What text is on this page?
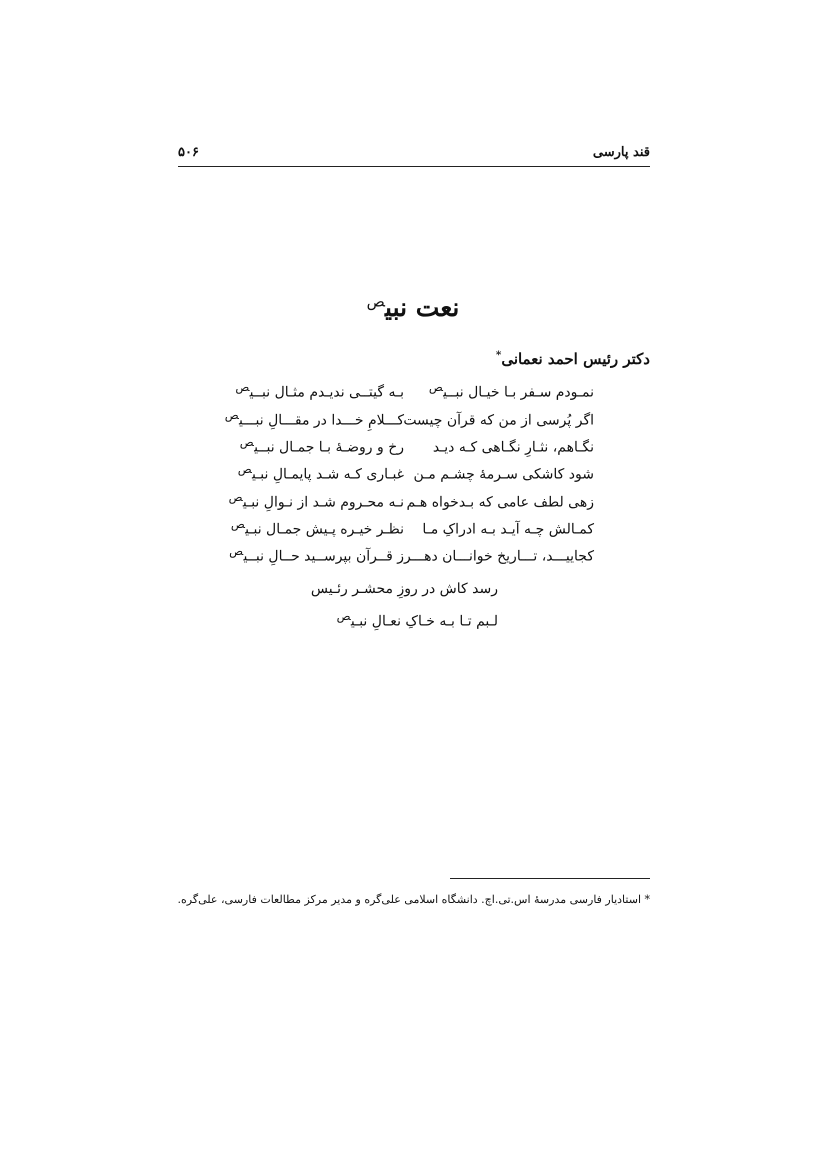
قند پارسی
۵۰۶
نعت نبی$^ص$
دکتر رئیس احمد نعمانی*
نمـودم سـفر بـا خیـال نبــی$^ص$
بـه گیتــی ندیـدم مثـال نبــی$^ص$
اگر پُرسی از من که قرآن چیست
کـــلامِ خـــدا در مقـــالِ نبـــی$^ص$
نگـاهم، نثـارِ نگـاهی کـه دیـد
رخ و روضـهٔ بـا جمـال نبــی$^ص$
شود کاشکی سـرمهٔ چشـم مـن
غبـاری کـه شـد پایمـالِ نبـی$^ص$
زهی لطف عامی که بـدخواه هـم
نـه محـروم شـد از نـوالِ نبـی$^ص$
کمـالش چـه آیـد بـه ادراکِ مـا
نظـر خیـره پـیش جمـال نبـی$^ص$
کجاییـــد، تـــاریخ خوانـــان دهـــر
ز قــرآن بپرســید حــالِ نبــی$^ص$
رسد کاش در روزِ محشـر رئـیس
لـبم تـا بـه خـاکِ نعـالِ نبـی$^ص$
* استادیار فارسی مدرسهٔ اس.تی.اچ. دانشگاه اسلامی علی‌گره و مدیر مرکز مطالعات فارسی، علی‌گره.
